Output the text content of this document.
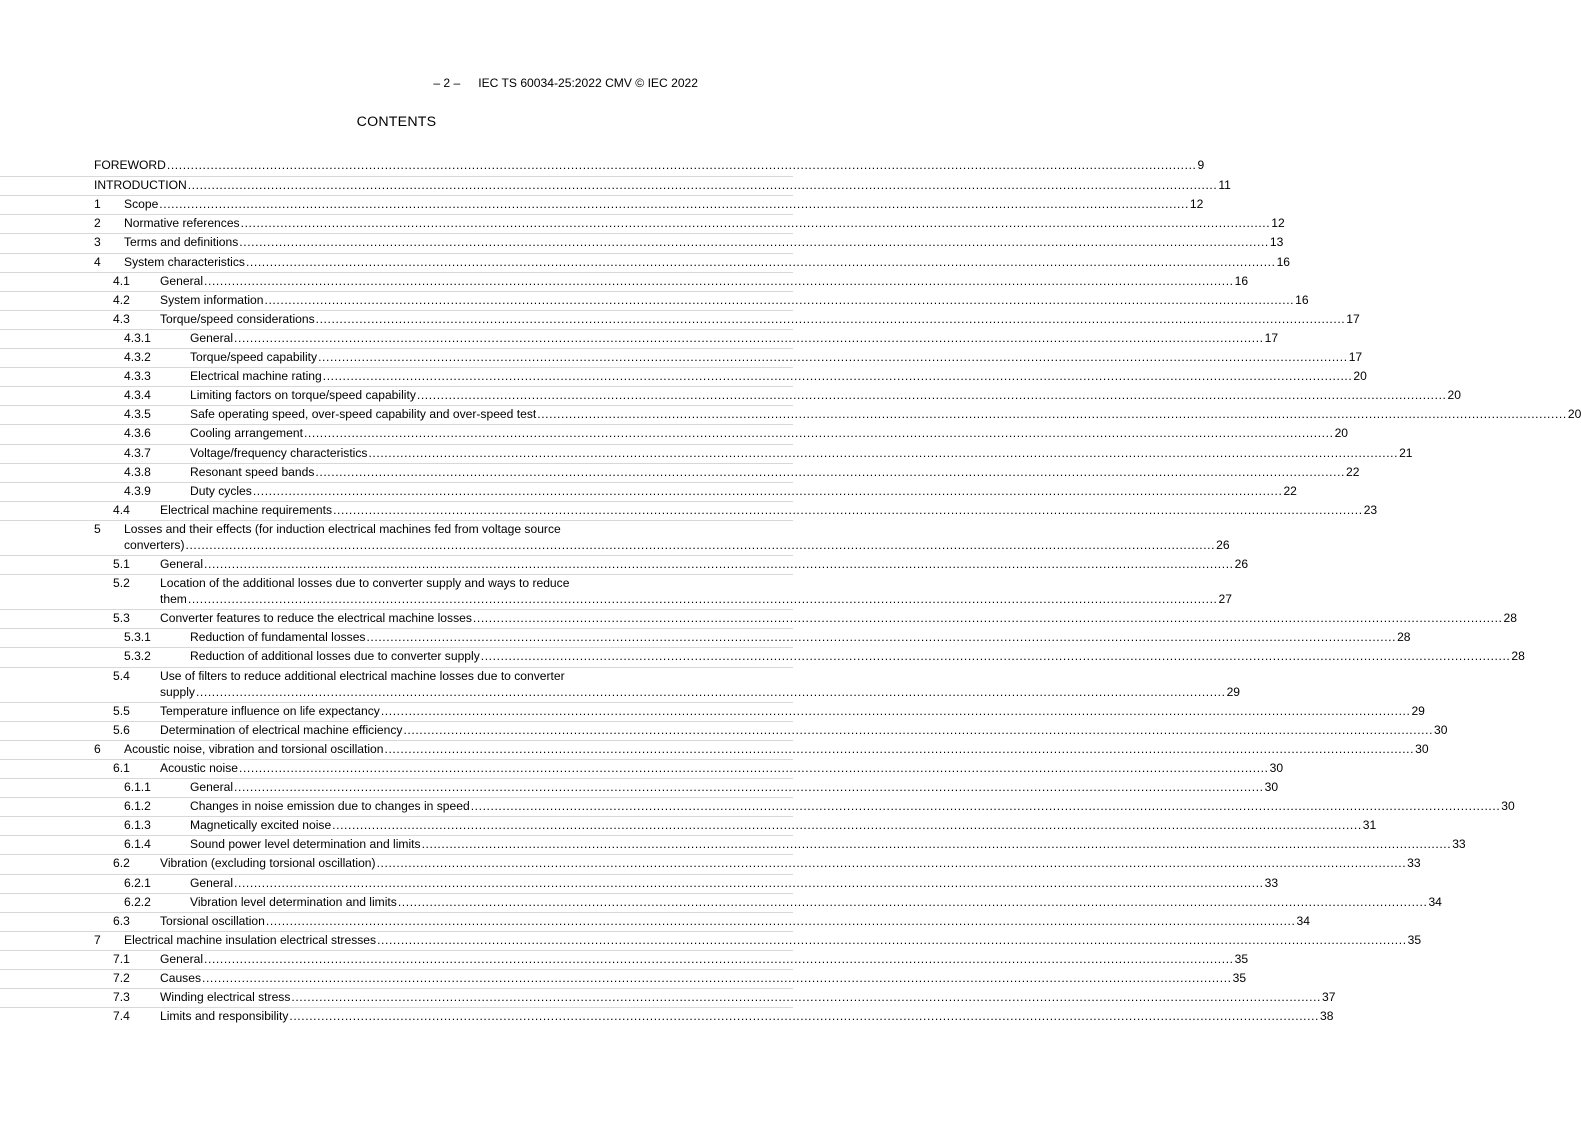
– 2 – IEC TS 60034-25:2022 CMV © IEC 2022
CONTENTS
FOREWORD .................................................................................................................................................................................................................................................................... 9
INTRODUCTION .................................................................................................................................................................................................................................................................... 11
1 Scope .................................................................................................................................................................................................................................................................... 12
2 Normative references .................................................................................................................................................................................................................................................................... 12
3 Terms and definitions .................................................................................................................................................................................................................................................................... 13
4 System characteristics .................................................................................................................................................................................................................................................................... 16
4.1 General .................................................................................................................................................................................................................................................................... 16
4.2 System information .................................................................................................................................................................................................................................................................... 16
4.3 Torque/speed considerations .................................................................................................................................................................................................................................................................... 17
4.3.1	General .................................................................................................................................................................................................................................................................... 17
4.3.2	Torque/speed capability .................................................................................................................................................................................................................................................................... 17
4.3.3	Electrical machine rating .................................................................................................................................................................................................................................................................... 20
4.3.4	Limiting factors on torque/speed capability .................................................................................................................................................................................................................................................................... 20
4.3.5	Safe operating speed, over-speed capability and over-speed test .................................................................................................................................................................................................................................................................... 20
4.3.6	Cooling arrangement .................................................................................................................................................................................................................................................................... 20
4.3.7	Voltage/frequency characteristics .................................................................................................................................................................................................................................................................... 21
4.3.8	Resonant speed bands .................................................................................................................................................................................................................................................................... 22
4.3.9	Duty cycles .................................................................................................................................................................................................................................................................... 22
4.4 Electrical machine requirements .................................................................................................................................................................................................................................................................... 23
5 Losses and their effects (for induction electrical machines fed from voltage source
converters) .................................................................................................................................................................................................................................................................... 26
5.1 General .................................................................................................................................................................................................................................................................... 26
5.2 Location of the additional losses due to converter supply and ways to reduce
them .................................................................................................................................................................................................................................................................... 27
5.3 Converter features to reduce the electrical machine losses .................................................................................................................................................................................................................................................................... 28
5.3.1	Reduction of fundamental losses .................................................................................................................................................................................................................................................................... 28
5.3.2	Reduction of additional losses due to converter supply .................................................................................................................................................................................................................................................................... 28
5.4 Use of filters to reduce additional electrical machine losses due to converter
supply .................................................................................................................................................................................................................................................................... 29
5.5 Temperature influence on life expectancy .................................................................................................................................................................................................................................................................... 29
5.6 Determination of electrical machine efficiency .................................................................................................................................................................................................................................................................... 30
6 Acoustic noise, vibration and torsional oscillation .................................................................................................................................................................................................................................................................... 30
6.1 Acoustic noise .................................................................................................................................................................................................................................................................... 30
6.1.1	General .................................................................................................................................................................................................................................................................... 30
6.1.2	Changes in noise emission due to changes in speed .................................................................................................................................................................................................................................................................... 30
6.1.3	Magnetically excited noise .................................................................................................................................................................................................................................................................... 31
6.1.4	Sound power level determination and limits .................................................................................................................................................................................................................................................................... 33
6.2 Vibration (excluding torsional oscillation) .................................................................................................................................................................................................................................................................... 33
6.2.1	General .................................................................................................................................................................................................................................................................... 33
6.2.2	Vibration level determination and limits .................................................................................................................................................................................................................................................................... 34
6.3 Torsional oscillation .................................................................................................................................................................................................................................................................... 34
7 Electrical machine insulation electrical stresses .................................................................................................................................................................................................................................................................... 35
7.1 General .................................................................................................................................................................................................................................................................... 35
7.2 Causes .................................................................................................................................................................................................................................................................... 35
7.3 Winding electrical stress .................................................................................................................................................................................................................................................................... 37
7.4 Limits and responsibility .................................................................................................................................................................................................................................................................... 38
